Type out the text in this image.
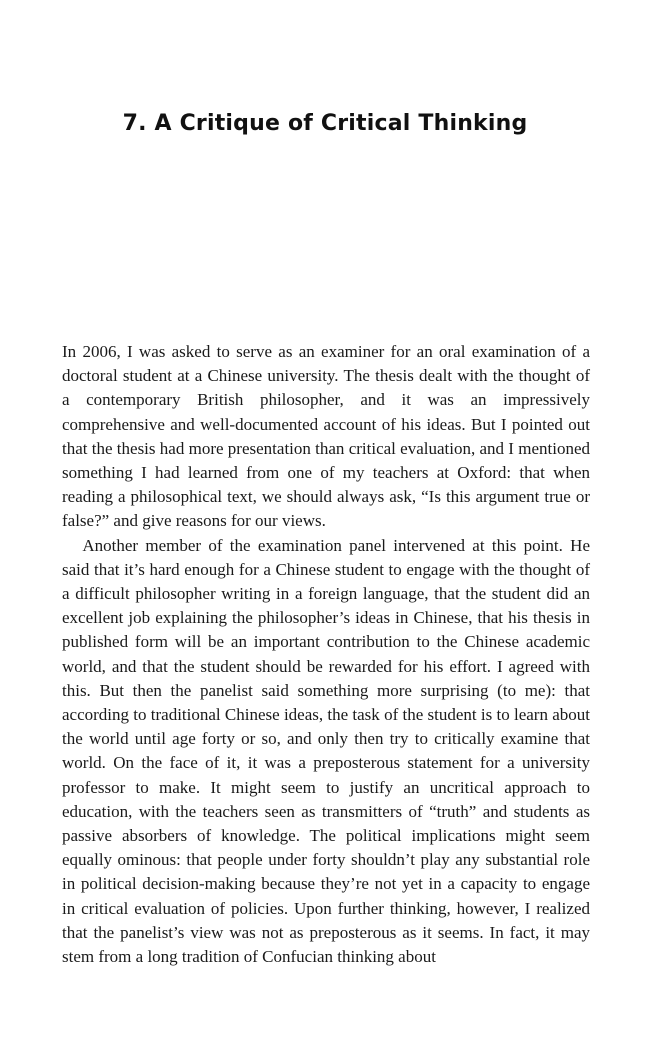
7. A Critique of Critical Thinking

In 2006, I was asked to serve as an examiner for an oral examination of a doctoral student at a Chinese university. The thesis dealt with the thought of a contemporary British philosopher, and it was an impressively comprehensive and well-documented account of his ideas. But I pointed out that the thesis had more presentation than critical evaluation, and I mentioned something I had learned from one of my teachers at Oxford: that when reading a philosophical text, we should always ask, “Is this argument true or false?” and give reasons for our views.

Another member of the examination panel intervened at this point. He said that it’s hard enough for a Chinese student to engage with the thought of a difficult philosopher writing in a foreign language, that the student did an excellent job explaining the philosopher’s ideas in Chinese, that his thesis in published form will be an important contribution to the Chinese academic world, and that the student should be rewarded for his effort. I agreed with this. But then the panelist said something more surprising (to me): that according to traditional Chinese ideas, the task of the student is to learn about the world until age forty or so, and only then try to critically examine that world. On the face of it, it was a preposterous statement for a university professor to make. It might seem to justify an uncritical approach to education, with the teachers seen as transmitters of “truth” and students as passive absorbers of knowledge. The political implications might seem equally ominous: that people under forty shouldn’t play any substantial role in political decision-making because they’re not yet in a capacity to engage in critical evaluation of policies. Upon further thinking, however, I realized that the panelist’s view was not as preposterous as it seems. In fact, it may stem from a long tradition of Confucian thinking about
